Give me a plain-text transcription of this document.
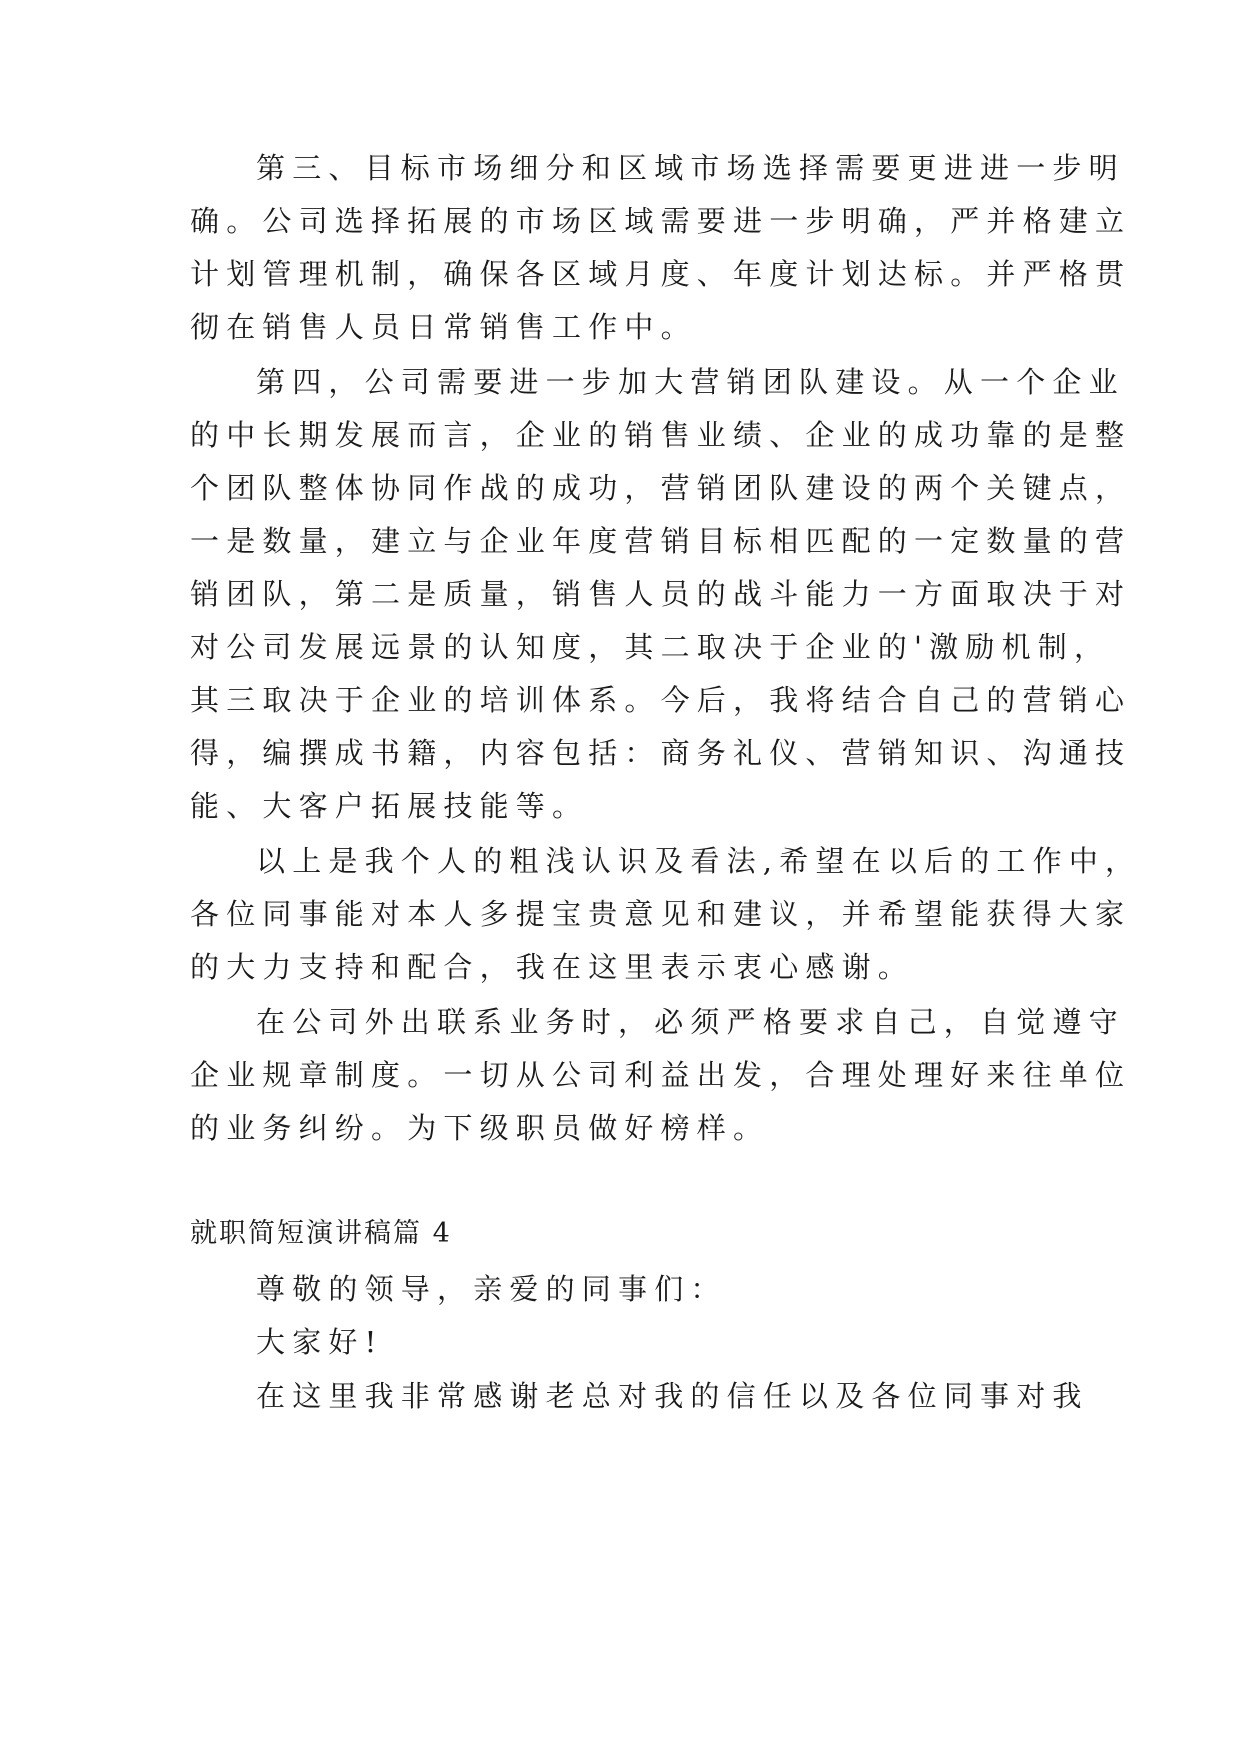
第三、目标市场细分和区域市场选择需要更进进一步明
确。公司选择拓展的市场区域需要进一步明确，严并格建立
计划管理机制，确保各区域月度、年度计划达标。并严格贯
彻在销售人员日常销售工作中。
第四，公司需要进一步加大营销团队建设。从一个企业
的中长期发展而言，企业的销售业绩、企业的成功靠的是整
个团队整体协同作战的成功，营销团队建设的两个关键点，
一是数量，建立与企业年度营销目标相匹配的一定数量的营
销团队，第二是质量，销售人员的战斗能力一方面取决于对
对公司发展远景的认知度，其二取决于企业的'激励机制，
其三取决于企业的培训体系。今后，我将结合自己的营销心
得，编撰成书籍，内容包括：商务礼仪、营销知识、沟通技
能、大客户拓展技能等。
以上是我个人的粗浅认识及看法,希望在以后的工作中，
各位同事能对本人多提宝贵意见和建议，并希望能获得大家
的大力支持和配合，我在这里表示衷心感谢。
在公司外出联系业务时，必须严格要求自己，自觉遵守
企业规章制度。一切从公司利益出发，合理处理好来往单位
的业务纠纷。为下级职员做好榜样。
就职简短演讲稿篇 4
尊敬的领导，亲爱的同事们：
大家好!
在这里我非常感谢老总对我的信任以及各位同事对我
